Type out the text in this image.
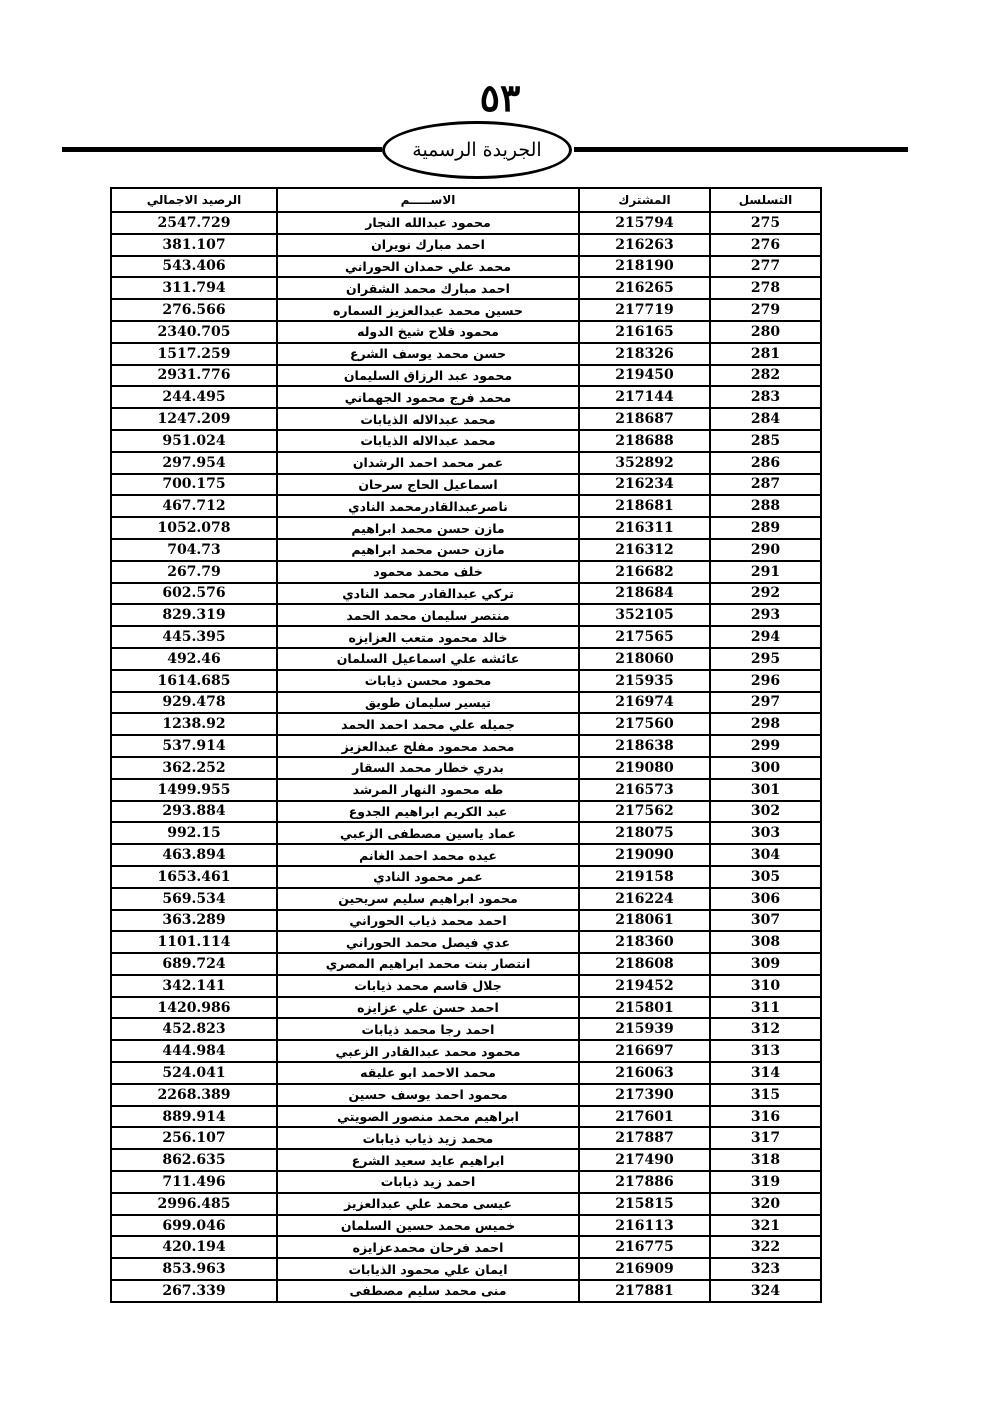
٥٣
الجريدة الرسمية
الرصيد الاجمالي	الاســـــم	المشترك	التسلسل
2547.729	محمود عبدالله النجار	215794	275
381.107	احمد مبارك نويران	216263	276
543.406	محمد علي حمدان الحوراني	218190	277
311.794	احمد مبارك محمد الشقران	216265	278
276.566	حسين محمد عبدالعزيز السماره	217719	279
2340.705	محمود فلاح شيخ الدوله	216165	280
1517.259	حسن محمد يوسف الشرع	218326	281
2931.776	محمود عبد الرزاق السليمان	219450	282
244.495	محمد فرج محمود الجهماني	217144	283
1247.209	محمد عبدالاله الذيابات	218687	284
951.024	محمد عبدالاله الذيابات	218688	285
297.954	عمر محمد احمد الرشدان	352892	286
700.175	اسماعيل الحاج سرحان	216234	287
467.712	ناصرعبدالقادرمحمد النادي	218681	288
1052.078	مازن حسن محمد ابراهيم	216311	289
704.73	مازن حسن محمد ابراهيم	216312	290
267.79	خلف محمد محمود	216682	291
602.576	تركي عبدالقادر محمد النادي	218684	292
829.319	منتصر سليمان محمد الحمد	352105	293
445.395	خالد محمود متعب العزايزه	217565	294
492.46	عائشه علي اسماعيل السلمان	218060	295
1614.685	محمود محسن ذيابات	215935	296
929.478	تيسير سليمان طويق	216974	297
1238.92	جميله علي محمد احمد الحمد	217560	298
537.914	محمد محمود مفلح عبدالعزيز	218638	299
362.252	بدري خطار محمد السقار	219080	300
1499.955	طه محمود النهار المرشد	216573	301
293.884	عبد الكريم ابراهيم الجدوع	217562	302
992.15	عماد ياسين مصطفى الزعبي	218075	303
463.894	عيده محمد احمد الغانم	219090	304
1653.461	عمر محمود النادي	219158	305
569.534	محمود ابراهيم سليم سريحين	216224	306
363.289	احمد محمد ذياب الحوراني	218061	307
1101.114	عدي فيصل محمد الحوراني	218360	308
689.724	انتصار بنت محمد ابراهيم المصري	218608	309
342.141	جلال قاسم محمد ذيابات	219452	310
1420.986	احمد حسن علي عزايزه	215801	311
452.823	احمد رجا محمد ذيابات	215939	312
444.984	محمود محمد عبدالقادر الزعبي	216697	313
524.041	محمد الاحمد ابو عليقه	216063	314
2268.389	محمود احمد يوسف حسين	217390	315
889.914	ابراهيم محمد منصور الصويتي	217601	316
256.107	محمد زيد ذياب ذيابات	217887	317
862.635	ابراهيم عايد سعيد الشرع	217490	318
711.496	احمد زيد ذيابات	217886	319
2996.485	عيسى محمد علي عبدالعزيز	215815	320
699.046	خميس محمد حسين السلمان	216113	321
420.194	احمد فرحان محمدعزايزه	216775	322
853.963	ايمان علي محمود الذيابات	216909	323
267.339	منى محمد سليم مصطفى	217881	324
